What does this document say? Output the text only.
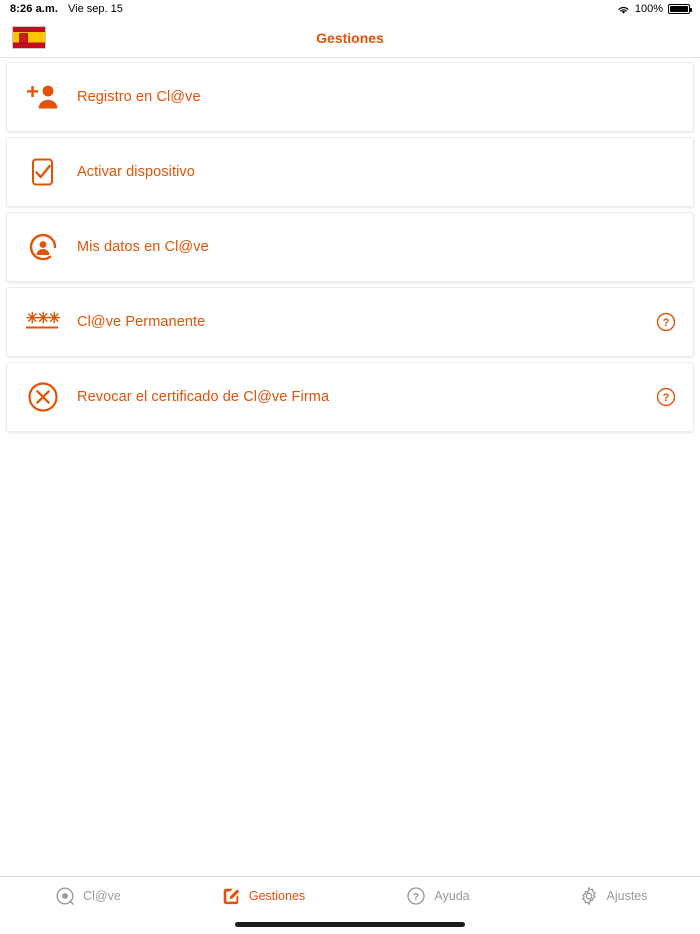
8:26 a.m. Vie sep. 15	100%
Gestiones
Registro en Cl@ve
Activar dispositivo
Mis datos en Cl@ve
✳
✳
✳ Cl@ve Permanente	?
Revocar el certificado de Cl@ve Firma	?
Cl@ve	Gestiones	? Ayuda	Ajustes
